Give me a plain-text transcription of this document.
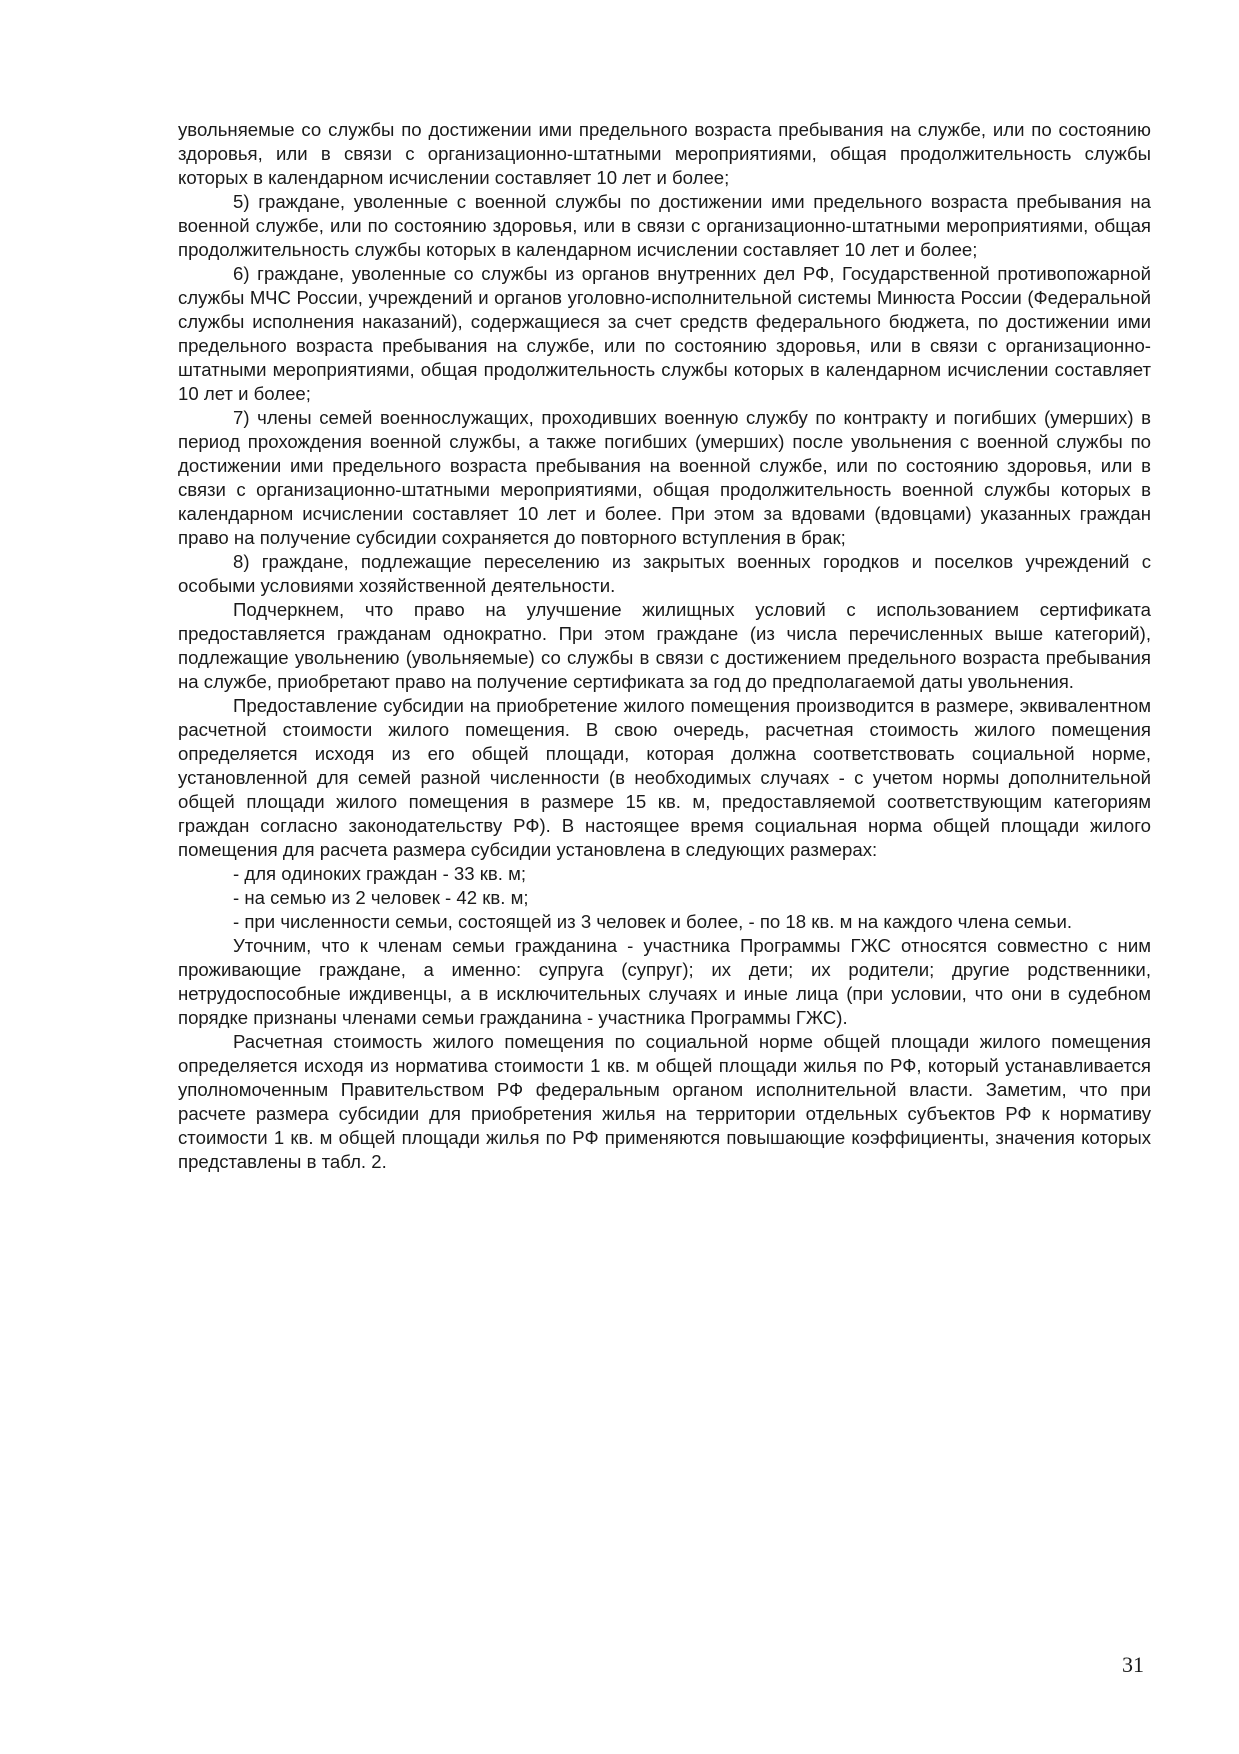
увольняемые со службы по достижении ими предельного возраста пребывания на службе, или по состоянию здоровья, или в связи с организационно-штатными мероприятиями, общая продолжительность службы которых в календарном исчислении составляет 10 лет и более;

5) граждане, уволенные с военной службы по достижении ими предельного возраста пребывания на военной службе, или по состоянию здоровья, или в связи с организационно-штатными мероприятиями, общая продолжительность службы которых в календарном исчислении составляет 10 лет и более;

6) граждане, уволенные со службы из органов внутренних дел РФ, Государственной противопожарной службы МЧС России, учреждений и органов уголовно-исполнительной системы Минюста России (Федеральной службы исполнения наказаний), содержащиеся за счет средств федерального бюджета, по достижении ими предельного возраста пребывания на службе, или по состоянию здоровья, или в связи с организационно-штатными мероприятиями, общая продолжительность службы которых в календарном исчислении составляет 10 лет и более;

7) члены семей военнослужащих, проходивших военную службу по контракту и погибших (умерших) в период прохождения военной службы, а также погибших (умерших) после увольнения с военной службы по достижении ими предельного возраста пребывания на военной службе, или по состоянию здоровья, или в связи с организационно-штатными мероприятиями, общая продолжительность военной службы которых в календарном исчислении составляет 10 лет и более. При этом за вдовами (вдовцами) указанных граждан право на получение субсидии сохраняется до повторного вступления в брак;

8) граждане, подлежащие переселению из закрытых военных городков и поселков учреждений с особыми условиями хозяйственной деятельности.

Подчеркнем, что право на улучшение жилищных условий с использованием сертификата предоставляется гражданам однократно. При этом граждане (из числа перечисленных выше категорий), подлежащие увольнению (увольняемые) со службы в связи с достижением предельного возраста пребывания на службе, приобретают право на получение сертификата за год до предполагаемой даты увольнения.

Предоставление субсидии на приобретение жилого помещения производится в размере, эквивалентном расчетной стоимости жилого помещения. В свою очередь, расчетная стоимость жилого помещения определяется исходя из его общей площади, которая должна соответствовать социальной норме, установленной для семей разной численности (в необходимых случаях - с учетом нормы дополнительной общей площади жилого помещения в размере 15 кв. м, предоставляемой соответствующим категориям граждан согласно законодательству РФ). В настоящее время социальная норма общей площади жилого помещения для расчета размера субсидии установлена в следующих размерах:

- для одиноких граждан - 33 кв. м;

- на семью из 2 человек - 42 кв. м;

- при численности семьи, состоящей из 3 человек и более, - по 18 кв. м на каждого члена семьи.

Уточним, что к членам семьи гражданина - участника Программы ГЖС относятся совместно с ним проживающие граждане, а именно: супруга (супруг); их дети; их родители; другие родственники, нетрудоспособные иждивенцы, а в исключительных случаях и иные лица (при условии, что они в судебном порядке признаны членами семьи гражданина - участника Программы ГЖС).

Расчетная стоимость жилого помещения по социальной норме общей площади жилого помещения определяется исходя из норматива стоимости 1 кв. м общей площади жилья по РФ, который устанавливается уполномоченным Правительством РФ федеральным органом исполнительной власти. Заметим, что при расчете размера субсидии для приобретения жилья на территории отдельных субъектов РФ к нормативу стоимости 1 кв. м общей площади жилья по РФ применяются повышающие коэффициенты, значения которых представлены в табл. 2.

31
